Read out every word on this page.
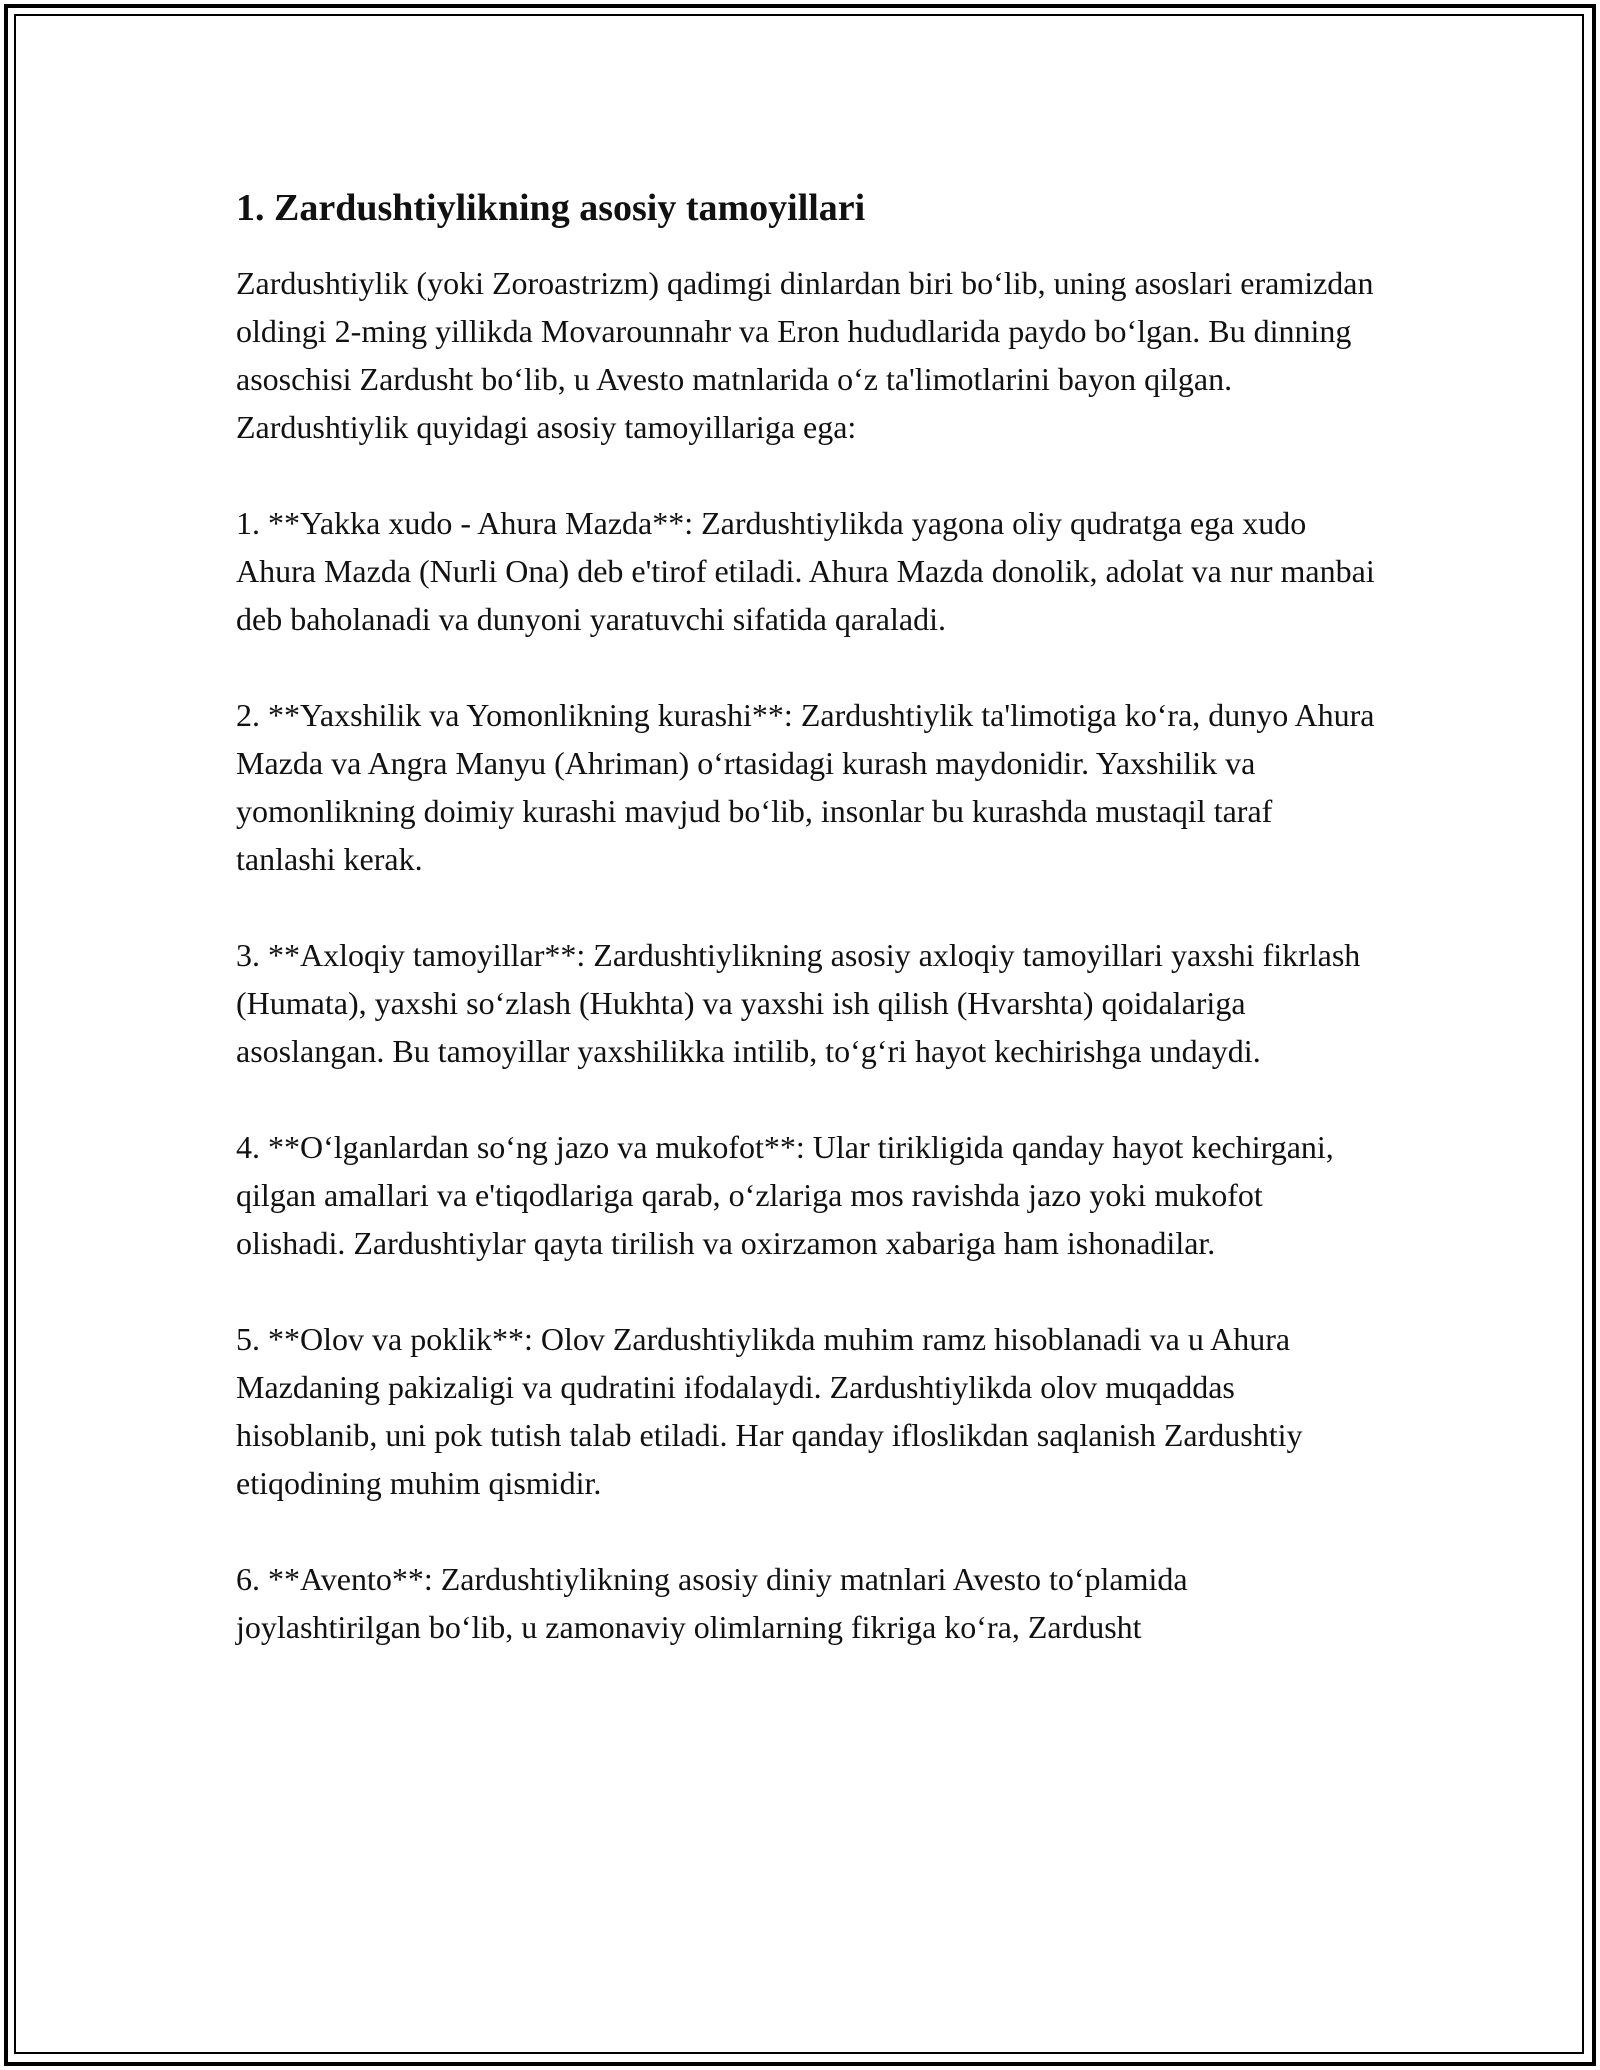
1. Zardushtiylikning asosiy tamoyillari

Zardushtiylik (yoki Zoroastrizm) qadimgi dinlardan biri bo‘lib, uning asoslari eramizdan oldingi 2-ming yillikda Movarounnahr va Eron hududlarida paydo bo‘lgan. Bu dinning asoschisi Zardusht bo‘lib, u Avesto matnlarida o‘z ta'limotlarini bayon qilgan. Zardushtiylik quyidagi asosiy tamoyillariga ega:

1. **Yakka xudo - Ahura Mazda**: Zardushtiylikda yagona oliy qudratga ega xudo Ahura Mazda (Nurli Ona) deb e'tirof etiladi. Ahura Mazda donolik, adolat va nur manbai deb baholanadi va dunyoni yaratuvchi sifatida qaraladi.

2. **Yaxshilik va Yomonlikning kurashi**: Zardushtiylik ta'limotiga ko‘ra, dunyo Ahura Mazda va Angra Manyu (Ahriman) o‘rtasidagi kurash maydonidir. Yaxshilik va yomonlikning doimiy kurashi mavjud bo‘lib, insonlar bu kurashda mustaqil taraf tanlashi kerak.

3. **Axloqiy tamoyillar**: Zardushtiylikning asosiy axloqiy tamoyillari yaxshi fikrlash (Humata), yaxshi so‘zlash (Hukhta) va yaxshi ish qilish (Hvarshta) qoidalariga asoslangan. Bu tamoyillar yaxshilikka intilib, to‘g‘ri hayot kechirishga undaydi.

4. **O‘lganlardan so‘ng jazo va mukofot**: Ular tirikligida qanday hayot kechirgani, qilgan amallari va e'tiqodlariga qarab, o‘zlariga mos ravishda jazo yoki mukofot olishadi. Zardushtiylar qayta tirilish va oxirzamon xabariga ham ishonadilar.

5. **Olov va poklik**: Olov Zardushtiylikda muhim ramz hisoblanadi va u Ahura Mazdaning pakizaligi va qudratini ifodalaydi. Zardushtiylikda olov muqaddas hisoblanib, uni pok tutish talab etiladi. Har qanday ifloslikdan saqlanish Zardushtiy etiqodining muhim qismidir.

6. **Avento**: Zardushtiylikning asosiy diniy matnlari Avesto to‘plamida joylashtirilgan bo‘lib, u zamonaviy olimlarning fikriga ko‘ra, Zardusht
